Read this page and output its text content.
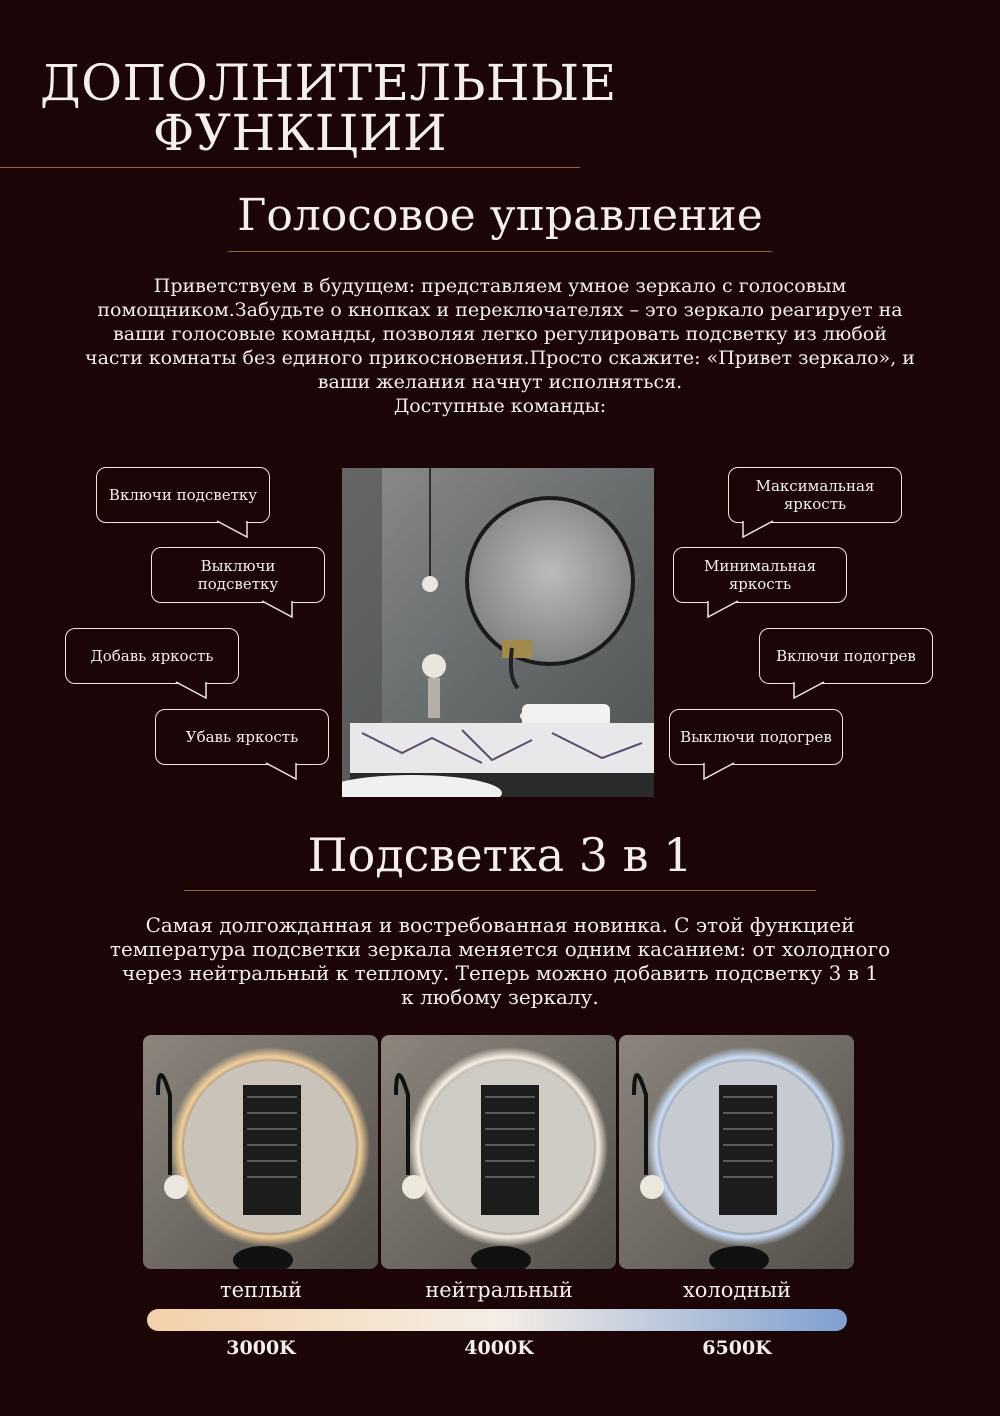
ДОПОЛНИТЕЛЬНЫЕ
ФУНКЦИИ
Голосовое управление
Приветствуем в будущем: представляем умное зеркало с голосовым
помощником.Забудьте о кнопках и переключателях – это зеркало реагирует на
ваши голосовые команды, позволяя легко регулировать подсветку из любой
части комнаты без единого прикосновения.Просто скажите: «Привет зеркало», и
ваши желания начнут исполняться.
Доступные команды:
Включи подсветку
Выключи подсветку
Добавь яркость
Убавь яркость
Максимальная яркость
Минимальная яркость
Включи подогрев
Выключи подогрев
Подсветка 3 в 1
Самая долгожданная и востребованная новинка. С этой функцией
температура подсветки зеркала меняется одним касанием: от холодного
через нейтральный к теплому. Теперь можно добавить подсветку 3 в 1
к любому зеркалу.
теплый	нейтральный	холодный
3000K	4000K	6500K
